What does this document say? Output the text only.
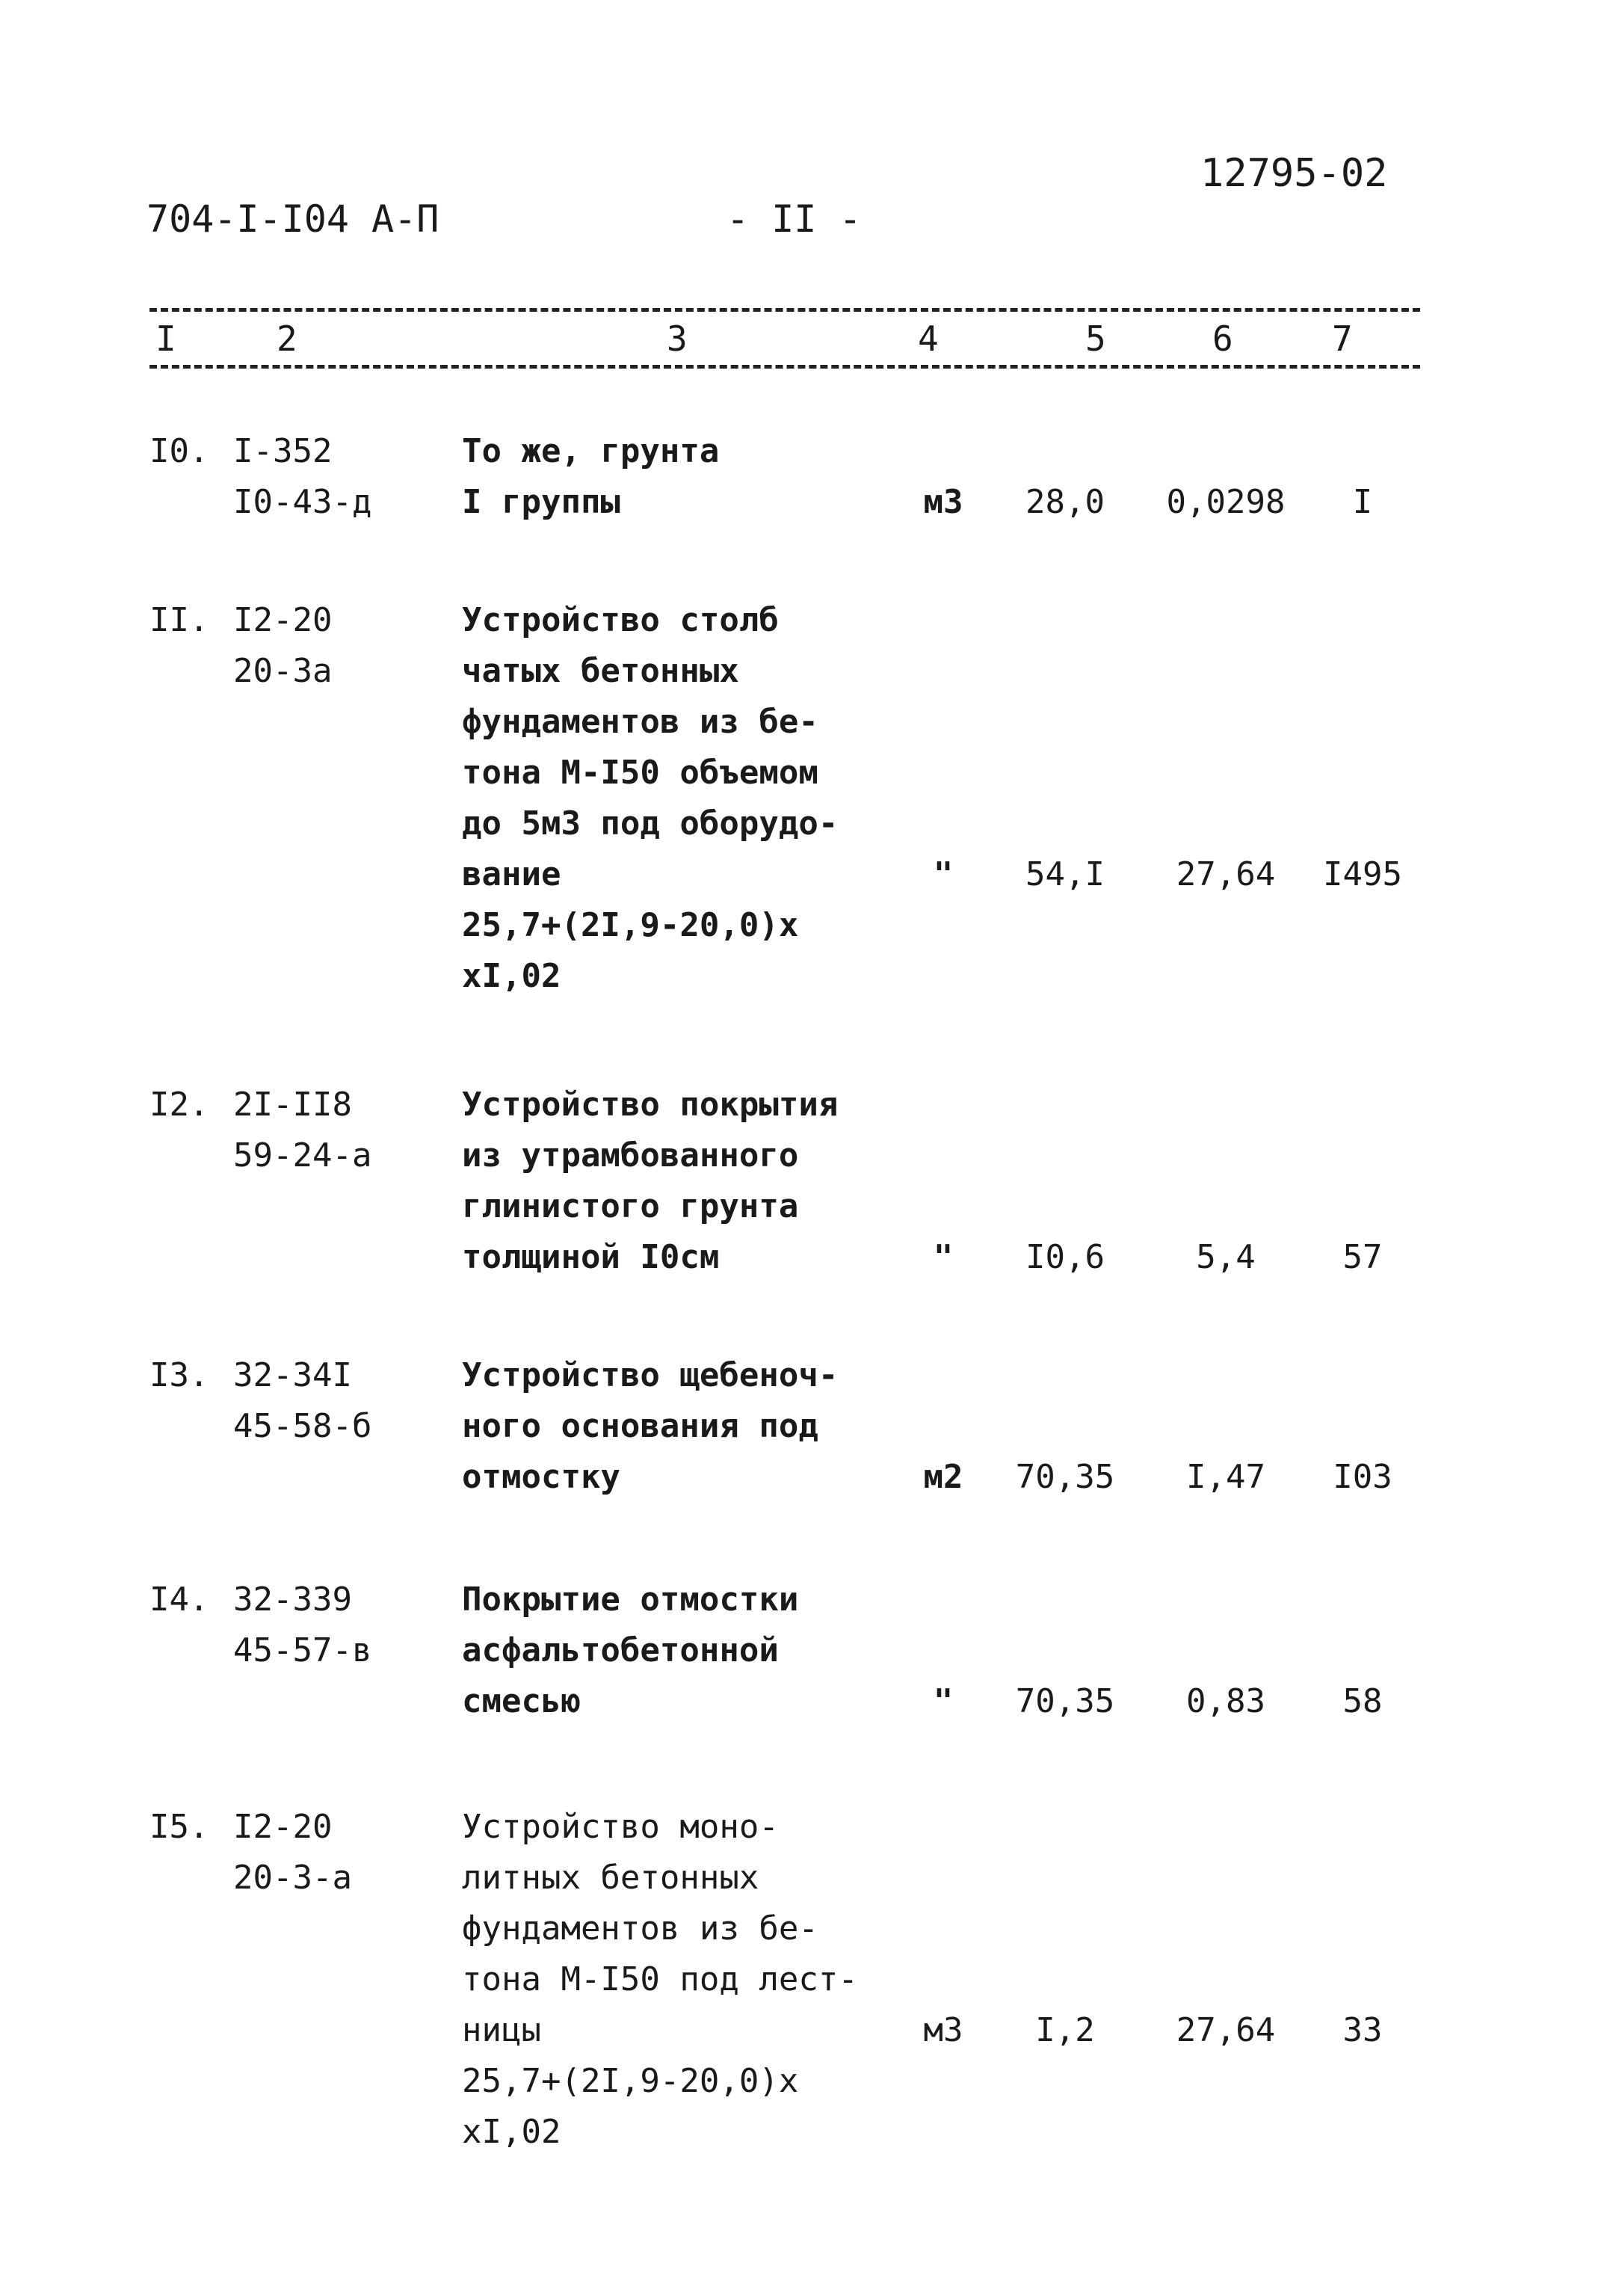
704-I-I04 А-П	- II -
12795-02
I	2	3	4	5	6	7
I0. I-352
I0-43-д
То же, грунта
I группы	м3	28,0	0,0298	I
II. I2-20
20-3а
Устройство столб
чатых бетонных
фундаментов из бе-
тона М-I50 объемом
до 5м3 под оборудо-
вание
25,7+(2I,9-20,0)х
хI,02
"	54,I	27,64	I495
I2. 2I-II8
59-24-а
Устройство покрытия
из утрамбованного
глинистого грунта
толщиной I0см	"	I0,6	5,4	57
I3. 32-34I
45-58-б
Устройство щебеноч-
ного основания под
отмостку	м2	70,35	I,47	I03
I4. 32-339
45-57-в
Покрытие отмостки
асфальтобетонной
смесью	"	70,35	0,83	58
I5. I2-20
20-3-а
Устройство моно-
литных бетонных
фундаментов из бе-
тона М-I50 под лест-
ницы
25,7+(2I,9-20,0)х
хI,02
м3	I,2	27,64	33
